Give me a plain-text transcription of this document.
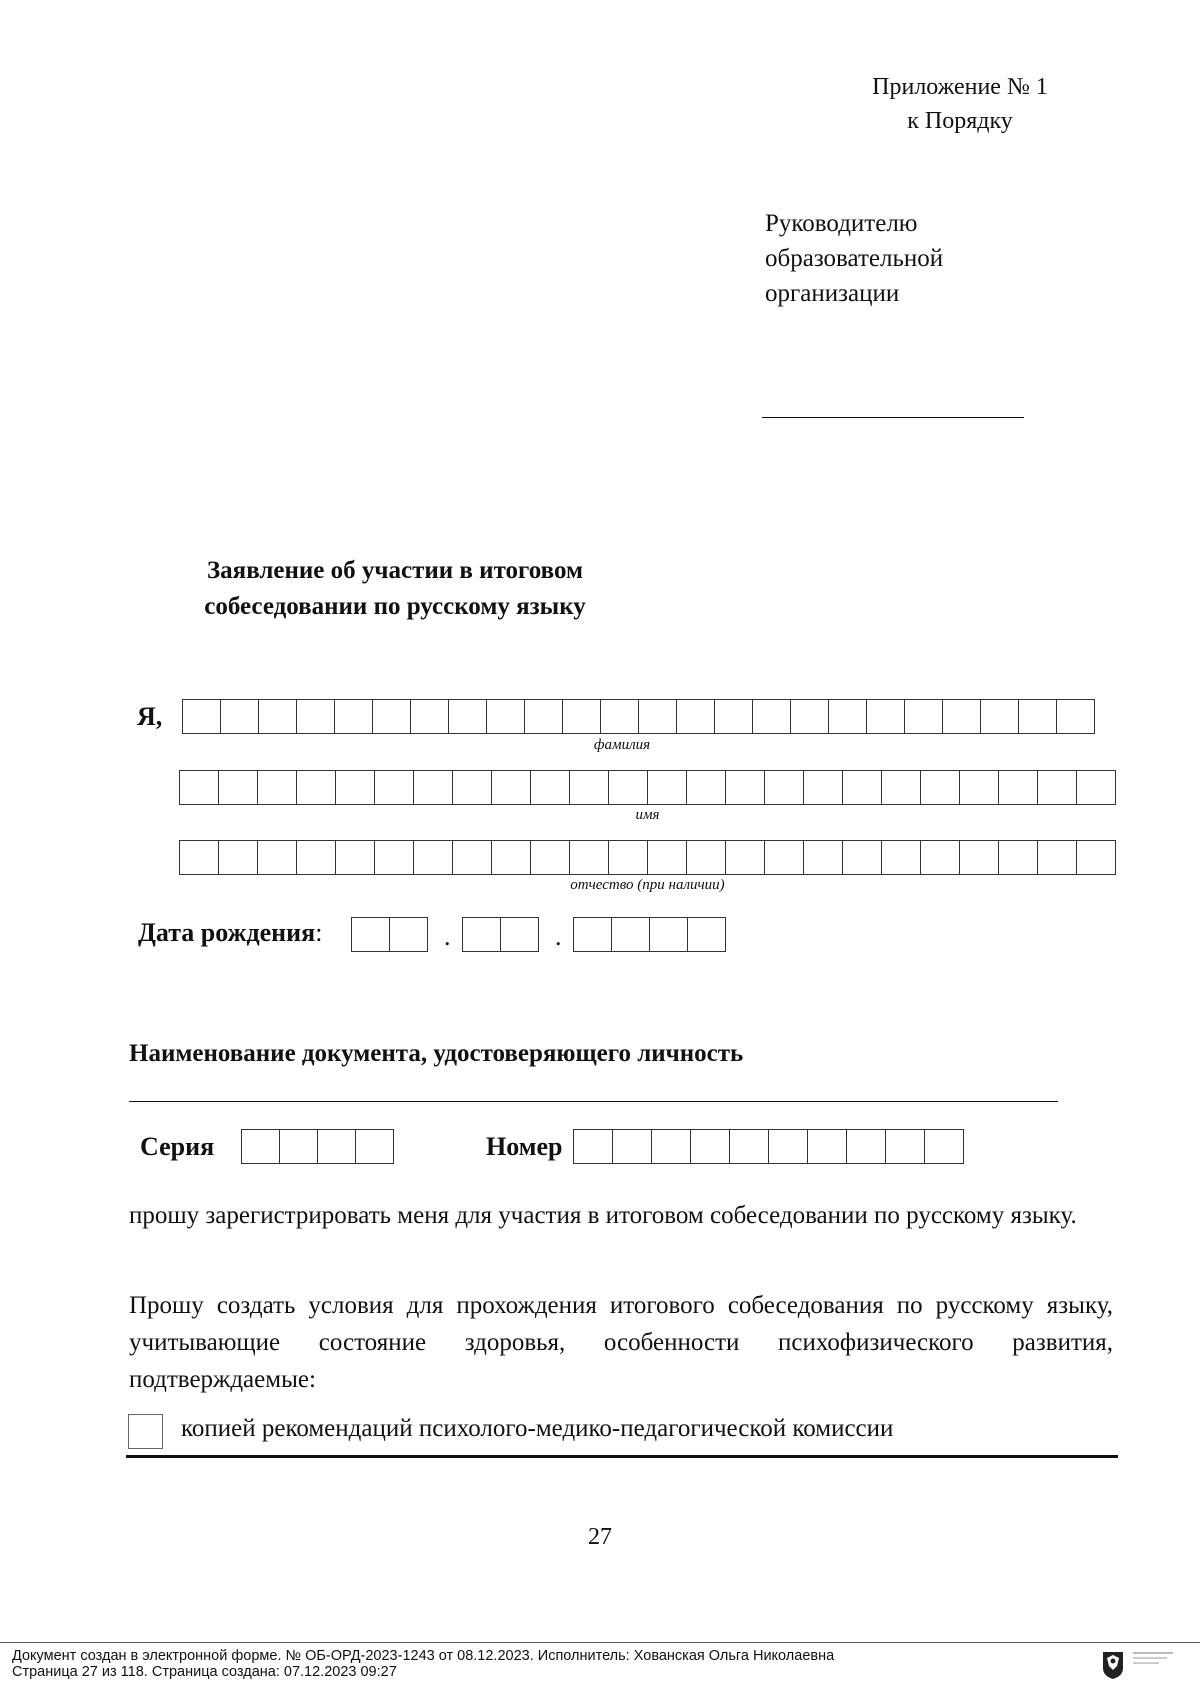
Приложение № 1
к Порядку
Руководителю
образовательной
организации
Заявление об участии в итоговом
собеседовании по русскому языку
Я,
фамилия
имя
отчество (при наличии)
Дата рождения:	.	.
Наименование документа, удостоверяющего личность
Серия	Номер
прошу зарегистрировать меня для участия в итоговом собеседовании по русскому языку.
Прошу создать условия для прохождения итогового собеседования по русскому языку, учитывающие состояние здоровья, особенности психофизического развития, подтверждаемые:
копией рекомендаций психолого-медико-педагогической комиссии
27
Документ создан в электронной форме. № ОБ-ОРД-2023-1243 от 08.12.2023. Исполнитель: Хованская Ольга Николаевна
Страница 27 из 118. Страница создана: 07.12.2023 09:27
